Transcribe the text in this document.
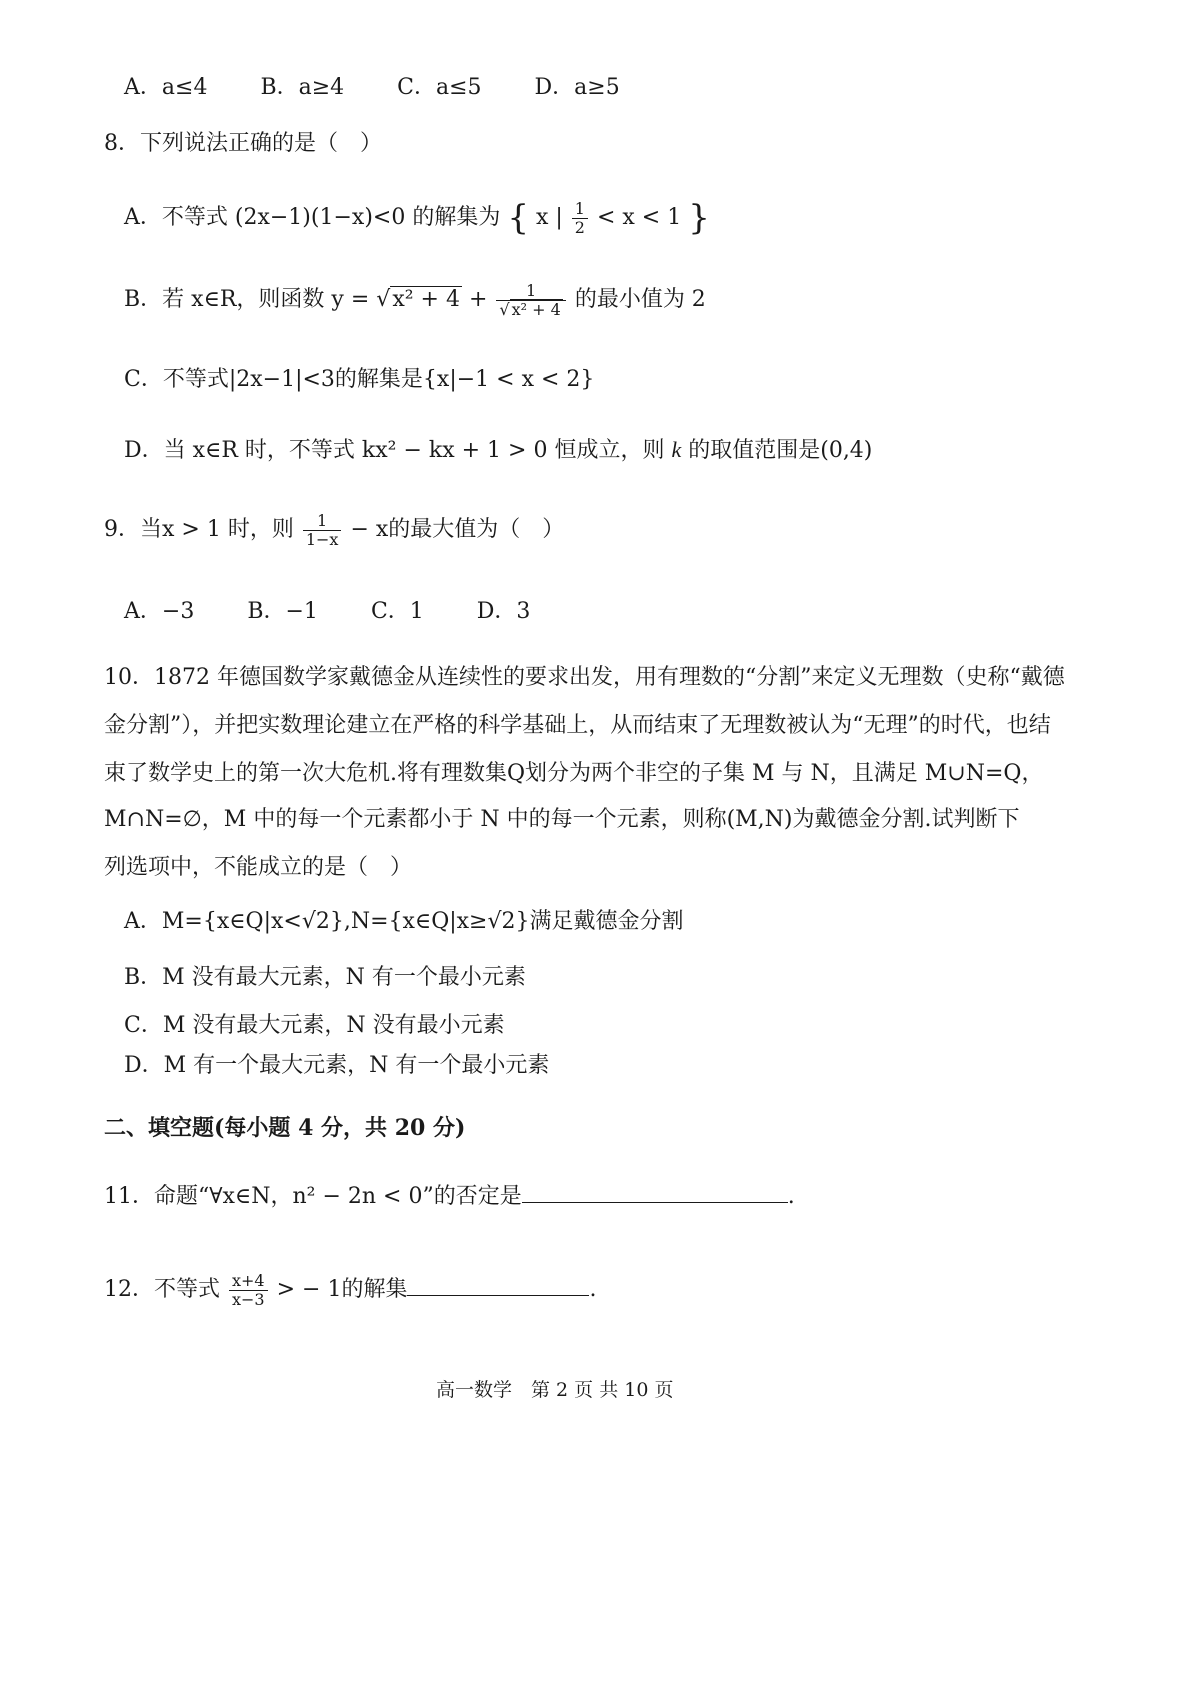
A．a≤4 B．a≥4 C．a≤5 D．a≥5
8．下列说法正确的是（　）
A．不等式 (2x−1)(1−x)<0 的解集为 { x | $\frac{1}{2} < x < 1$ }
B．若 x∈R，则函数 $y = √x^2 + 4 + \frac{1}{\text{√ x² + 4}}$ 的最小值为 2
C．不等式|2x−1|<3的解集是{x|−1 < x < 2}
D．当 x∈R 时，不等式 kx² − kx + 1 > 0 恒成立，则 k 的取值范围是(0,4)
9．当x > 1 时，则 $\frac{1}{1-x} - x$的最大值为（　）
A．−3 B．−1 C．1 D．3
10．1872 年德国数学家戴德金从连续性的要求出发，用有理数的“分割”来定义无理数（史称“戴德
金分割”），并把实数理论建立在严格的科学基础上，从而结束了无理数被认为“无理”的时代，也结
束了数学史上的第一次大危机.将有理数集Q划分为两个非空的子集 M 与 N，且满足 M∪N=Q，
M∩N=∅，M 中的每一个元素都小于 N 中的每一个元素，则称(M,N)为戴德金分割.试判断下
列选项中，不能成立的是（　）
A．M={x∈Q|x<√2},N={x∈Q|x≥√2}满足戴德金分割
B．M 没有最大元素，N 有一个最小元素
C．M 没有最大元素，N 没有最小元素
D．M 有一个最大元素，N 有一个最小元素
二、填空题(每小题 4 分，共 20 分)
11．命题“∀x∈N，n² − 2n < 0”的否定是	.
12．不等式 $\frac{x+4}{x-3}$ > − 1的解集	.
高一数学　第 2 页 共 10 页
